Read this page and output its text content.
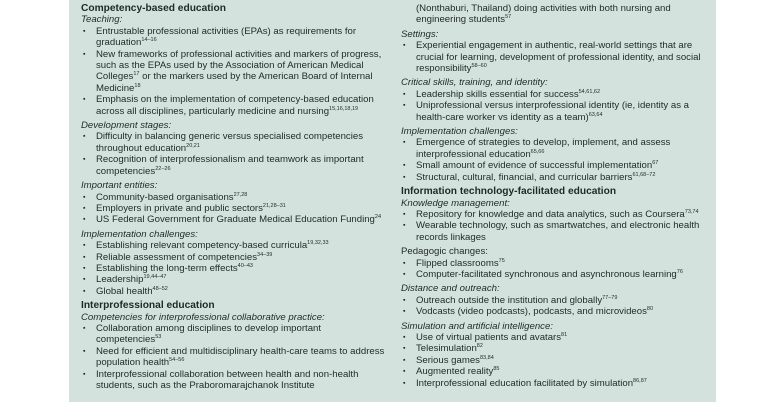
Competency-based education
Teaching:
▪ Entrustable professional activities (EPAs) as requirements for graduation$^{14-16}$
▪ New frameworks of professional activities and markers of progress, such as the EPAs used by the Association of American Medical Colleges$^{17}$ or the markers used by the American Board of Internal Medicine$^{18}$
▪ Emphasis on the implementation of competency-based education across all disciplines, particularly medicine and nursing$^{15,16,18,19}$
Development stages:
▪ Difficulty in balancing generic versus specialised competencies throughout education$^{20,21}$
▪ Recognition of interprofessionalism and teamwork as important competencies$^{22-26}$
Important entities:
▪ Community-based organisations$^{27,28}$
▪ Employers in private and public sectors$^{21,28-31}$
▪ US Federal Government for Graduate Medical Education Funding$^{24}$
Implementation challenges:
▪ Establishing relevant competency-based curricula$^{19,32,33}$
▪ Reliable assessment of competencies$^{34-39}$
▪ Establishing the long-term effects$^{40-43}$
▪ Leadership$^{19,44-47}$
▪ Global health$^{48-52}$
Interprofessional education
Competencies for interprofessional collaborative practice:
▪ Collaboration among disciplines to develop important competencies$^{53}$
▪ Need for efficient and multidisciplinary health-care teams to address population health$^{54-56}$
▪ Interprofessional collaboration between health and non-health students, such as the Praboromarajchanok Institute
(Nonthaburi, Thailand) doing activities with both nursing and engineering students$^{57}$
Settings:
▪ Experiential engagement in authentic, real-world settings that are crucial for learning, development of professional identity, and social responsibility$^{58-60}$
Critical skills, training, and identity:
▪ Leadership skills essential for success$^{54,61,62}$
▪ Uniprofessional versus interprofessional identity (ie, identity as a health-care worker vs identity as a team)$^{63,64}$
Implementation challenges:
▪ Emergence of strategies to develop, implement, and assess interprofessional education$^{65,66}$
▪ Small amount of evidence of successful implementation$^{67}$
▪ Structural, cultural, financial, and curricular barriers$^{61,68-72}$
Information technology-facilitated education
Knowledge management:
▪ Repository for knowledge and data analytics, such as Coursera$^{73,74}$
▪ Wearable technology, such as smartwatches, and electronic health records linkages
Pedagogic changes:
▪ Flipped classrooms$^{75}$
▪ Computer-facilitated synchronous and asynchronous learning$^{76}$
Distance and outreach:
▪ Outreach outside the institution and globally$^{77-79}$
▪ Vodcasts (video podcasts), podcasts, and microvideos$^{80}$
Simulation and artificial intelligence:
▪ Use of virtual patients and avatars$^{81}$
▪ Telesimulation$^{82}$
▪ Serious games$^{83,84}$
▪ Augmented reality$^{85}$
▪ Interprofessional education facilitated by simulation$^{86,87}$
